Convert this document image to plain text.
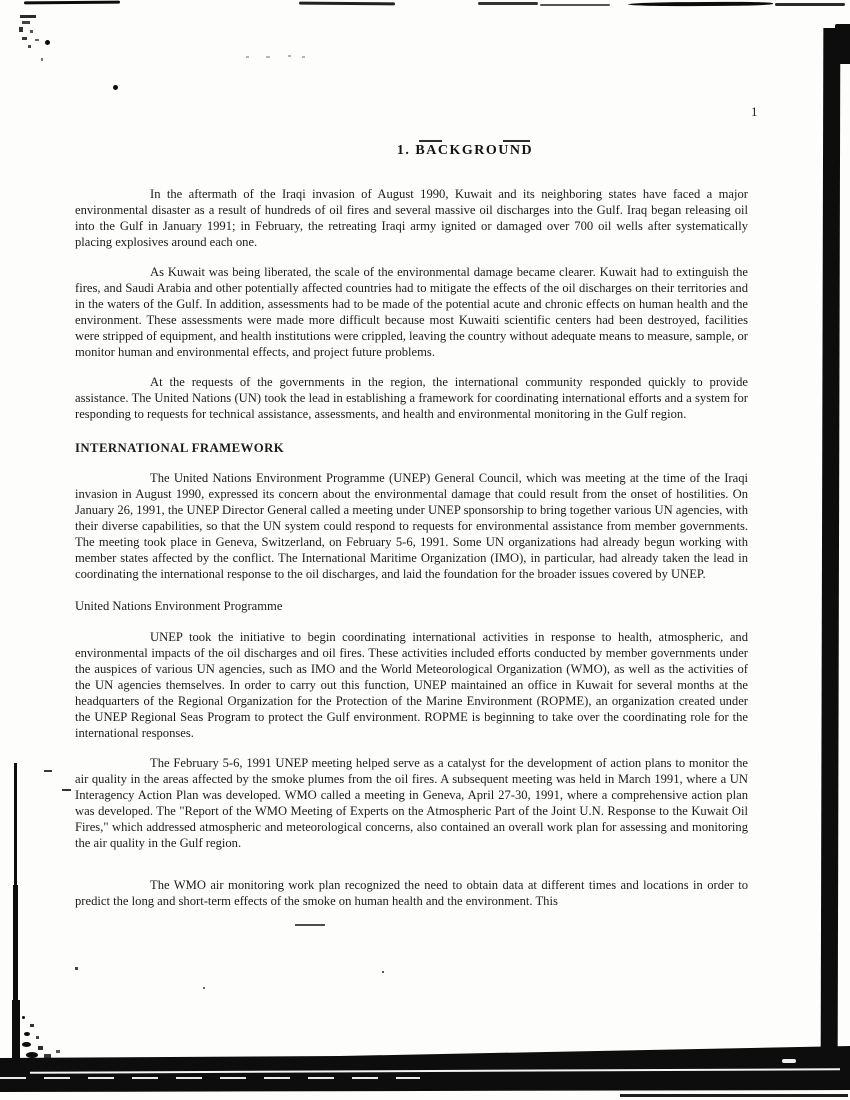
1
1. BACKGROUND

In the aftermath of the Iraqi invasion of August 1990, Kuwait and its neighboring states have faced a major environmental disaster as a result of hundreds of oil fires and several massive oil discharges into the Gulf. Iraq began releasing oil into the Gulf in January 1991; in February, the retreating Iraqi army ignited or damaged over 700 oil wells after systematically placing explosives around each one.

As Kuwait was being liberated, the scale of the environmental damage became clearer. Kuwait had to extinguish the fires, and Saudi Arabia and other potentially affected countries had to mitigate the effects of the oil discharges on their territories and in the waters of the Gulf. In addition, assessments had to be made of the potential acute and chronic effects on human health and the environment. These assessments were made more difficult because most Kuwaiti scientific centers had been destroyed, facilities were stripped of equipment, and health institutions were crippled, leaving the country without adequate means to measure, sample, or monitor human and environmental effects, and project future problems.

At the requests of the governments in the region, the international community responded quickly to provide assistance. The United Nations (UN) took the lead in establishing a framework for coordinating international efforts and a system for responding to requests for technical assistance, assessments, and health and environmental monitoring in the Gulf region.

INTERNATIONAL FRAMEWORK

The United Nations Environment Programme (UNEP) General Council, which was meeting at the time of the Iraqi invasion in August 1990, expressed its concern about the environmental damage that could result from the onset of hostilities. On January 26, 1991, the UNEP Director General called a meeting under UNEP sponsorship to bring together various UN agencies, with their diverse capabilities, so that the UN system could respond to requests for environmental assistance from member governments. The meeting took place in Geneva, Switzerland, on February 5-6, 1991. Some UN organizations had already begun working with member states affected by the conflict. The International Maritime Organization (IMO), in particular, had already taken the lead in coordinating the international response to the oil discharges, and laid the foundation for the broader issues covered by UNEP.

United Nations Environment Programme

UNEP took the initiative to begin coordinating international activities in response to health, atmospheric, and environmental impacts of the oil discharges and oil fires. These activities included efforts conducted by member governments under the auspices of various UN agencies, such as IMO and the World Meteorological Organization (WMO), as well as the activities of the UN agencies themselves. In order to carry out this function, UNEP maintained an office in Kuwait for several months at the headquarters of the Regional Organization for the Protection of the Marine Environment (ROPME), an organization created under the UNEP Regional Seas Program to protect the Gulf environment. ROPME is beginning to take over the coordinating role for the international responses.

The February 5-6, 1991 UNEP meeting helped serve as a catalyst for the development of action plans to monitor the air quality in the areas affected by the smoke plumes from the oil fires. A subsequent meeting was held in March 1991, where a UN Interagency Action Plan was developed. WMO called a meeting in Geneva, April 27-30, 1991, where a comprehensive action plan was developed. The "Report of the WMO Meeting of Experts on the Atmospheric Part of the Joint U.N. Response to the Kuwait Oil Fires," which addressed atmospheric and meteorological concerns, also contained an overall work plan for assessing and monitoring the air quality in the Gulf region.

The WMO air monitoring work plan recognized the need to obtain data at different times and locations in order to predict the long and short-term effects of the smoke on human health and the environment. This
